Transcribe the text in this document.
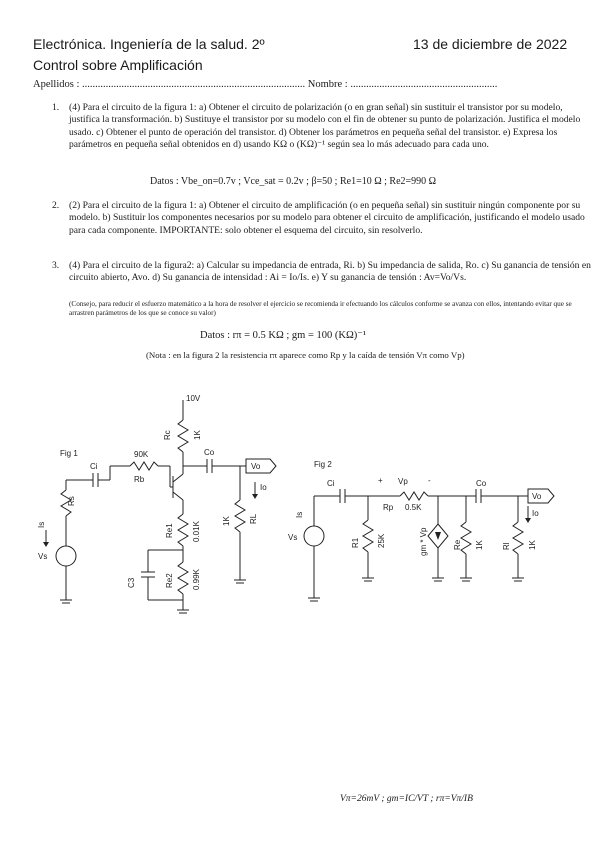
Electrónica. Ingeniería de la salud. 2º	13 de diciembre de 2022
Control sobre Amplificación
Apellidos : ..................................................................................... Nombre : ........................................................
1. (4) Para el circuito de la figura 1: a) Obtener el circuito de polarización (o en gran señal) sin sustituir el transistor por su modelo, justifica la transformación. b) Sustituye el transistor por su modelo con el fin de obtener su punto de polarización. Justifica el modelo usado. c) Obtener el punto de operación del transistor. d) Obtener los parámetros en pequeña señal del transistor. e) Expresa los parámetros en pequeña señal obtenidos en d) usando KΩ o (KΩ)⁻¹ según sea lo más adecuado para cada uno.
Datos : Vbe_on=0.7v ; Vce_sat = 0.2v ; β=50 ; Re1=10 Ω ; Re2=990 Ω
2. (2) Para el circuito de la figura 1: a) Obtener el circuito de amplificación (o en pequeña señal) sin sustituir ningún componente por su modelo. b) Sustituir los componentes necesarios por su modelo para obtener el circuito de amplificación, justificando el modelo usado para cada componente. IMPORTANTE: solo obtener el esquema del circuito, sin resolverlo.
3. (4) Para el circuito de la figura2: a) Calcular su impedancia de entrada, Ri. b) Su impedancia de salida, Ro. c) Su ganancia de tensión en circuito abierto, Avo. d) Su ganancia de intensidad : Ai = Io/Is. e) Y su ganancia de tensión : Av=Vo/Vs.
(Consejo, para reducir el esfuerzo matemático a la hora de resolver el ejercicio se recomienda ir efectuando los cálculos conforme se avanza con ellos, intentando evitar que se arrastren parámetros de los que se conoce su valor)
Datos : rπ = 0.5 KΩ ; gm = 100 (KΩ)⁻¹
(Nota : en la figura 2 la resistencia rπ aparece como Rp y la caída de tensión Vπ como Vp)
Fig 1
10V
Rc	1K
Co
Vo
Io
90K
Rb
Ci
Rs
Is
Vs
Re1 0.01K
Re2 0.99K
C3
1K RL
Fig 2
Ci	+ Vp	-
Rp 0.5K
Co
Vo
Io
Is
Vs
R1 25K	gm * Vp	Re 1K Rl 1K
Vπ=26mV ; gm=IC/VT ; rπ=Vπ/IB
